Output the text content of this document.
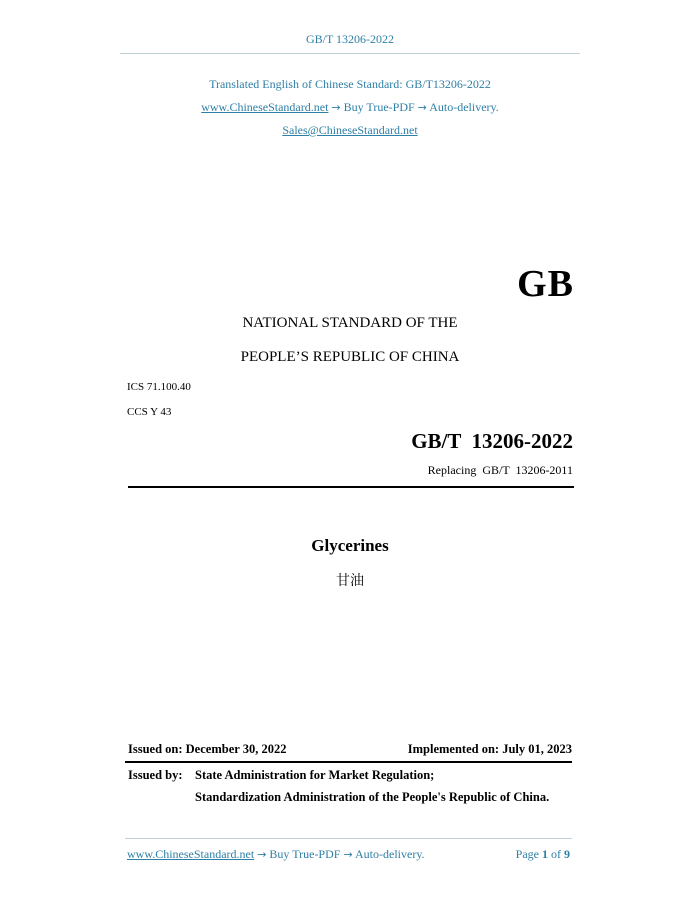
GB/T 13206-2022
Translated English of Chinese Standard: GB/T13206-2022
www.ChineseStandard.net → Buy True-PDF → Auto-delivery.
Sales@ChineseStandard.net
GB
NATIONAL STANDARD OF THE
PEOPLE’S REPUBLIC OF CHINA
ICS 71.100.40
CCS Y 43
GB/T  13206-2022
Replacing  GB/T  13206-2011
Glycerines
甘油
Issued on: December 30, 2022	Implemented on: July 01, 2023
Issued by: State Administration for Market Regulation;
Standardization Administration of the People's Republic of China.
www.ChineseStandard.net → Buy True-PDF → Auto-delivery.	Page 1 of 9
